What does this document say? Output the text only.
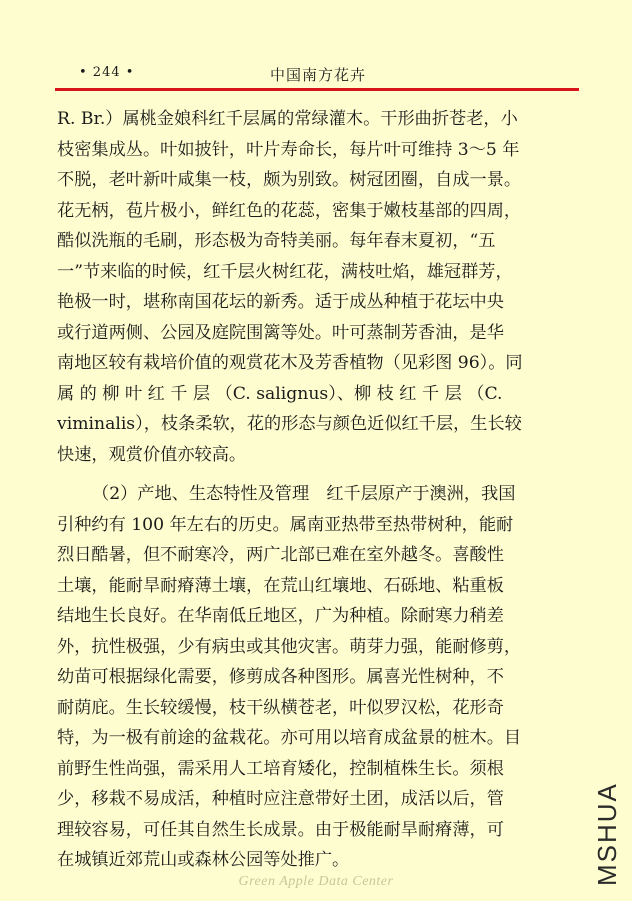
• 244 •	中国南方花卉
R. Br.）属桃金娘科红千层属的常绿灌木。干形曲折苍老，小
枝密集成丛。叶如披针，叶片寿命长，每片叶可维持 3～5 年
不脱，老叶新叶咸集一枝，颇为别致。树冠团圈，自成一景。
花无柄，苞片极小，鲜红色的花蕊，密集于嫩枝基部的四周，
酷似洗瓶的毛刷，形态极为奇特美丽。每年春末夏初，“五
一”节来临的时候，红千层火树红花，满枝吐焰，雄冠群芳，
艳极一时，堪称南国花坛的新秀。适于成丛种植于花坛中央
或行道两侧、公园及庭院围篱等处。叶可蒸制芳香油，是华
南地区较有栽培价值的观赏花木及芳香植物（见彩图 96）。同
属 的 柳 叶 红 千 层 （C. salignus）、柳 枝 红 千 层 （C.
viminalis），枝条柔软，花的形态与颜色近似红千层，生长较
快速，观赏价值亦较高。
（2）产地、生态特性及管理　红千层原产于澳洲，我国
引种约有 100 年左右的历史。属南亚热带至热带树种，能耐
烈日酷暑，但不耐寒冷，两广北部已难在室外越冬。喜酸性
土壤，能耐旱耐瘠薄土壤，在荒山红壤地、石砾地、粘重板
结地生长良好。在华南低丘地区，广为种植。除耐寒力稍差
外，抗性极强，少有病虫或其他灾害。萌芽力强，能耐修剪，
幼苗可根据绿化需要，修剪成各种图形。属喜光性树种，不
耐荫庇。生长较缓慢，枝干纵横苍老，叶似罗汉松，花形奇
特，为一极有前途的盆栽花。亦可用以培育成盆景的桩木。目
前野生性尚强，需采用人工培育矮化，控制植株生长。须根
少，移栽不易成活，种植时应注意带好土团，成活以后，管
理较容易，可任其自然生长成景。由于极能耐旱耐瘠薄，可
在城镇近郊荒山或森林公园等处推广。
Green Apple Data Center	MSHUA
